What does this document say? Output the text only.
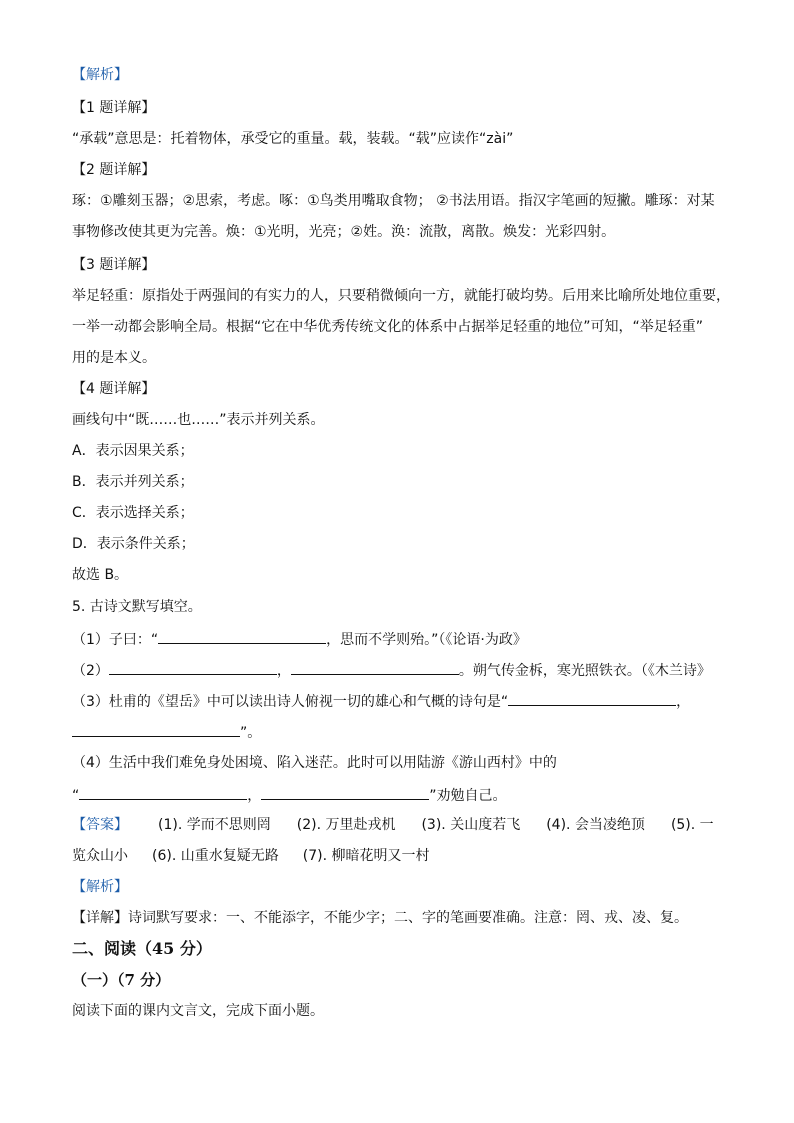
【解析】
【1 题详解】
“承载”意思是：托着物体，承受它的重量。载，装载。“载”应读作“zài”
【2 题详解】
琢：①雕刻玉器；②思索，考虑。啄：①鸟类用嘴取食物； ②书法用语。指汉字笔画的短撇。雕琢：对某
事物修改使其更为完善。焕：①光明，光亮；②姓。涣：流散，离散。焕发：光彩四射。
【3 题详解】
举足轻重：原指处于两强间的有实力的人，只要稍微倾向一方，就能打破均势。后用来比喻所处地位重要，
一举一动都会影响全局。根据“它在中华优秀传统文化的体系中占据举足轻重的地位”可知，“举足轻重”
用的是本义。
【4 题详解】
画线句中“既……也……”表示并列关系。
A．表示因果关系；
B．表示并列关系；
C．表示选择关系；
D．表示条件关系；
故选 B。
5. 古诗文默写填空。
（1）子曰：“	，思而不学则殆。”（《论语·为政》
（2）	，	。朔气传金柝，寒光照铁衣。（《木兰诗》
（3）杜甫的《望岳》中可以读出诗人俯视一切的雄心和气概的诗句是“	，
”。
（4）生活中我们难免身处困境、陷入迷茫。此时可以用陆游《游山西村》中的
“	，	”劝勉自己。
【答案】 (1). 学而不思则罔 (2). 万里赴戎机 (3). 关山度若飞 (4). 会当凌绝顶 (5). 一
览众山小 (6). 山重水复疑无路 (7). 柳暗花明又一村
【解析】
【详解】诗词默写要求：一、不能添字，不能少字；二、字的笔画要准确。注意：罔、戎、凌、复。
二、阅读（45 分）
（一）（7 分）
阅读下面的课内文言文，完成下面小题。
